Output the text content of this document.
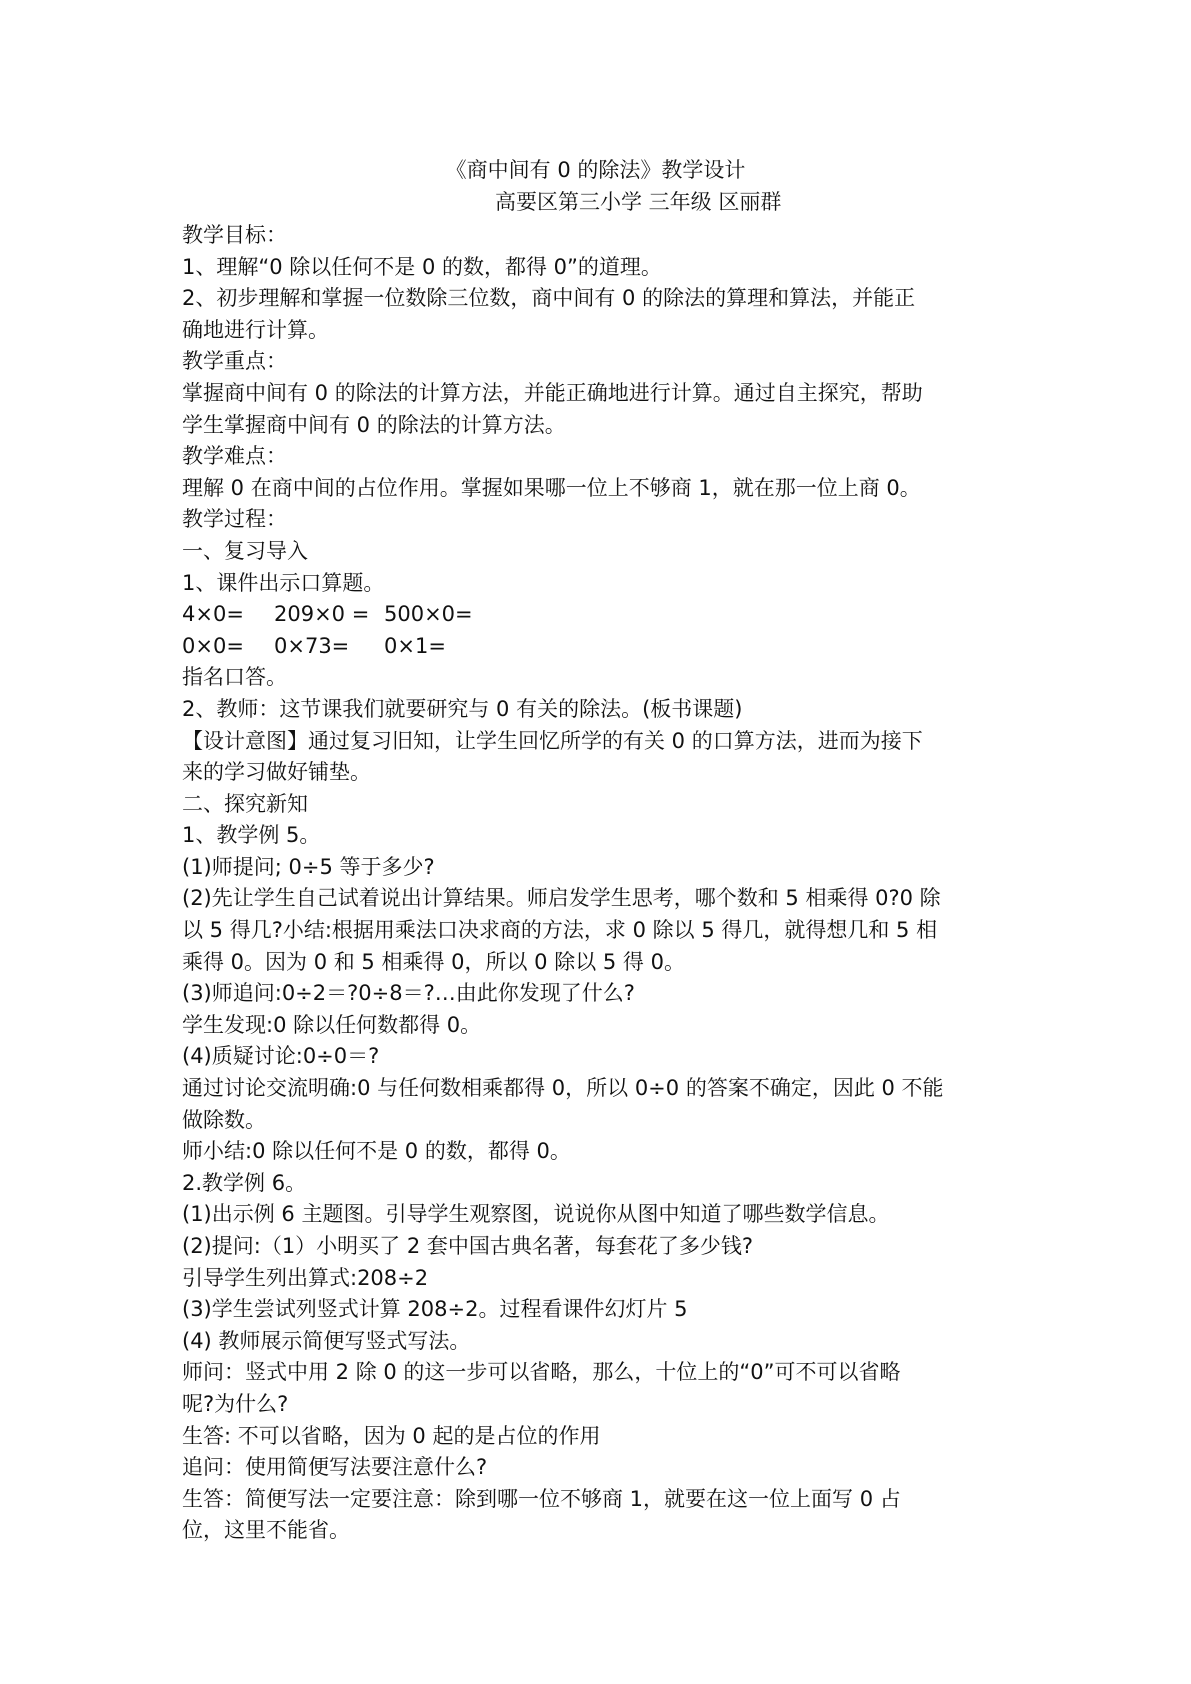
《商中间有 0 的除法》教学设计
高要区第三小学 三年级 区丽群
教学目标：
1、理解“0 除以任何不是 0 的数，都得 0”的道理。
2、初步理解和掌握一位数除三位数，商中间有 0 的除法的算理和算法，并能正
确地进行计算。
教学重点：
掌握商中间有 0 的除法的计算方法，并能正确地进行计算。通过自主探究，帮助
学生掌握商中间有 0 的除法的计算方法。
教学难点：
理解 0 在商中间的占位作用。掌握如果哪一位上不够商 1，就在那一位上商 0。
教学过程：
一、复习导入
1、课件出示口算题。
4×0= 209×0 = 500×0=
0×0= 0×73= 0×1=
指名口答。
2、教师：这节课我们就要研究与 0 有关的除法。(板书课题)
【设计意图】通过复习旧知，让学生回忆所学的有关 0 的口算方法，进而为接下
来的学习做好铺垫。
二、探究新知
1、教学例 5。
(1)师提问; 0÷5 等于多少?
(2)先让学生自己试着说出计算结果。师启发学生思考，哪个数和 5 相乘得 0?0 除
以 5 得几?小结:根据用乘法口决求商的方法，求 0 除以 5 得几，就得想几和 5 相
乘得 0。因为 0 和 5 相乘得 0，所以 0 除以 5 得 0。
(3)师追问:0÷2＝?0÷8＝?…由此你发现了什么?
学生发现:0 除以任何数都得 0。
(4)质疑讨论:0÷0＝?
通过讨论交流明确:0 与任何数相乘都得 0，所以 0÷0 的答案不确定，因此 0 不能
做除数。
师小结:0 除以任何不是 0 的数，都得 0。
2.教学例 6。
(1)出示例 6 主题图。引导学生观察图，说说你从图中知道了哪些数学信息。
(2)提问:（1）小明买了 2 套中国古典名著，每套花了多少钱?
引导学生列出算式:208÷2
(3)学生尝试列竖式计算 208÷2。过程看课件幻灯片 5
(4) 教师展示简便写竖式写法。
师问：竖式中用 2 除 0 的这一步可以省略，那么，十位上的“0”可不可以省略
呢?为什么?
生答: 不可以省略，因为 0 起的是占位的作用
追问：使用简便写法要注意什么?
生答：简便写法一定要注意：除到哪一位不够商 1，就要在这一位上面写 0 占
位，这里不能省。
